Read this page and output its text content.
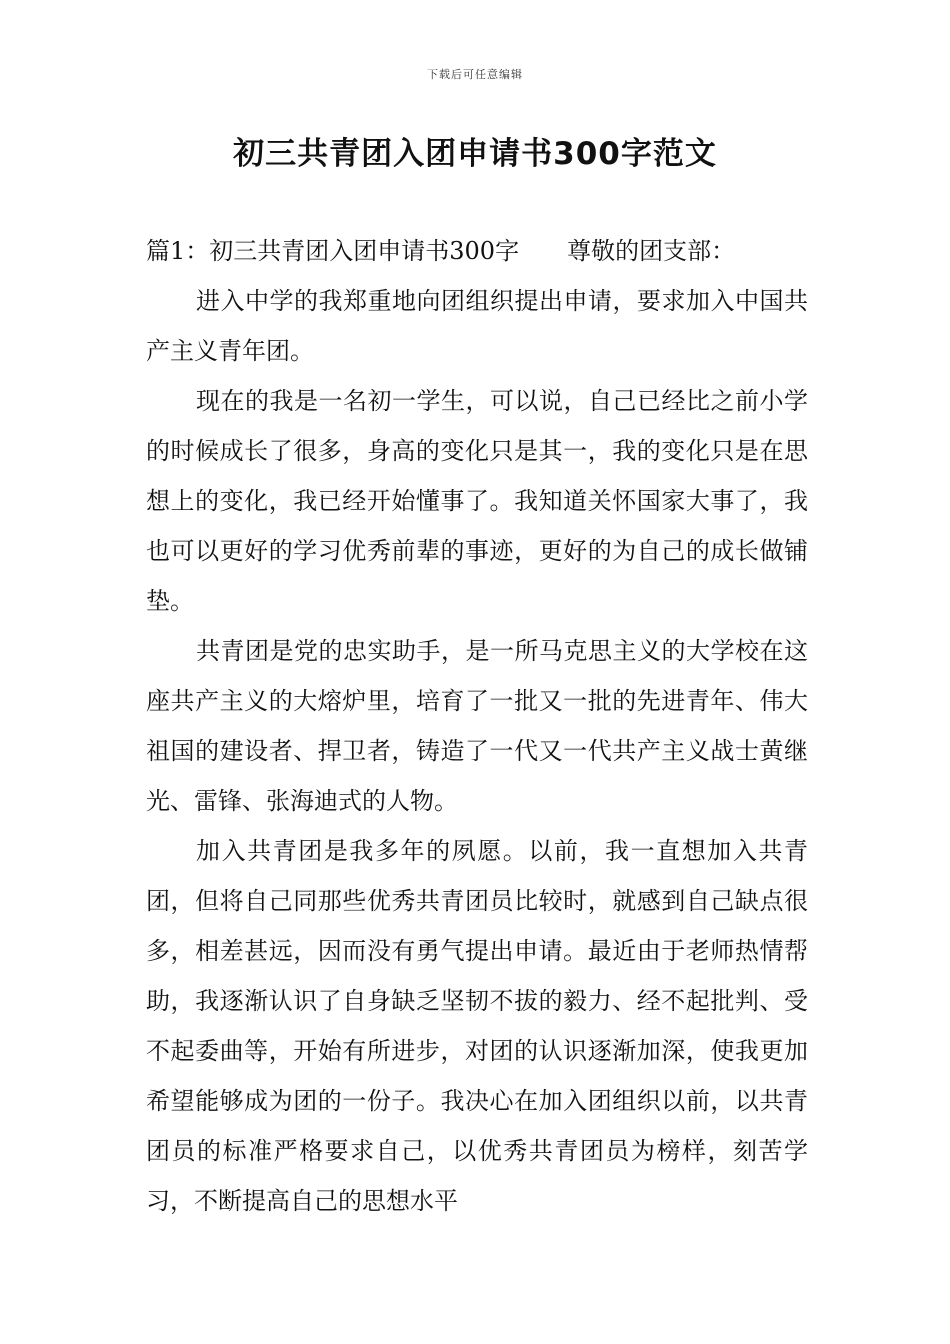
下载后可任意编辑
初三共青团入团申请书300字范文

篇1：初三共青团入团申请书300字 尊敬的团支部：

进入中学的我郑重地向团组织提出申请，要求加入中国共产主义青年团。

现在的我是一名初一学生，可以说，自己已经比之前小学的时候成长了很多，身高的变化只是其一，我的变化只是在思想上的变化，我已经开始懂事了。我知道关怀国家大事了，我也可以更好的学习优秀前辈的事迹，更好的为自己的成长做铺垫。

共青团是党的忠实助手，是一所马克思主义的大学校在这座共产主义的大熔炉里，培育了一批又一批的先进青年、伟大祖国的建设者、捍卫者，铸造了一代又一代共产主义战士黄继光、雷锋、张海迪式的人物。

加入共青团是我多年的夙愿。以前，我一直想加入共青团，但将自己同那些优秀共青团员比较时，就感到自己缺点很多，相差甚远，因而没有勇气提出申请。最近由于老师热情帮助，我逐渐认识了自身缺乏坚韧不拔的毅力、经不起批判、受不起委曲等，开始有所进步，对团的认识逐渐加深，使我更加希望能够成为团的一份子。我决心在加入团组织以前，以共青团员的标准严格要求自己，以优秀共青团员为榜样，刻苦学习，不断提高自己的思想水平
